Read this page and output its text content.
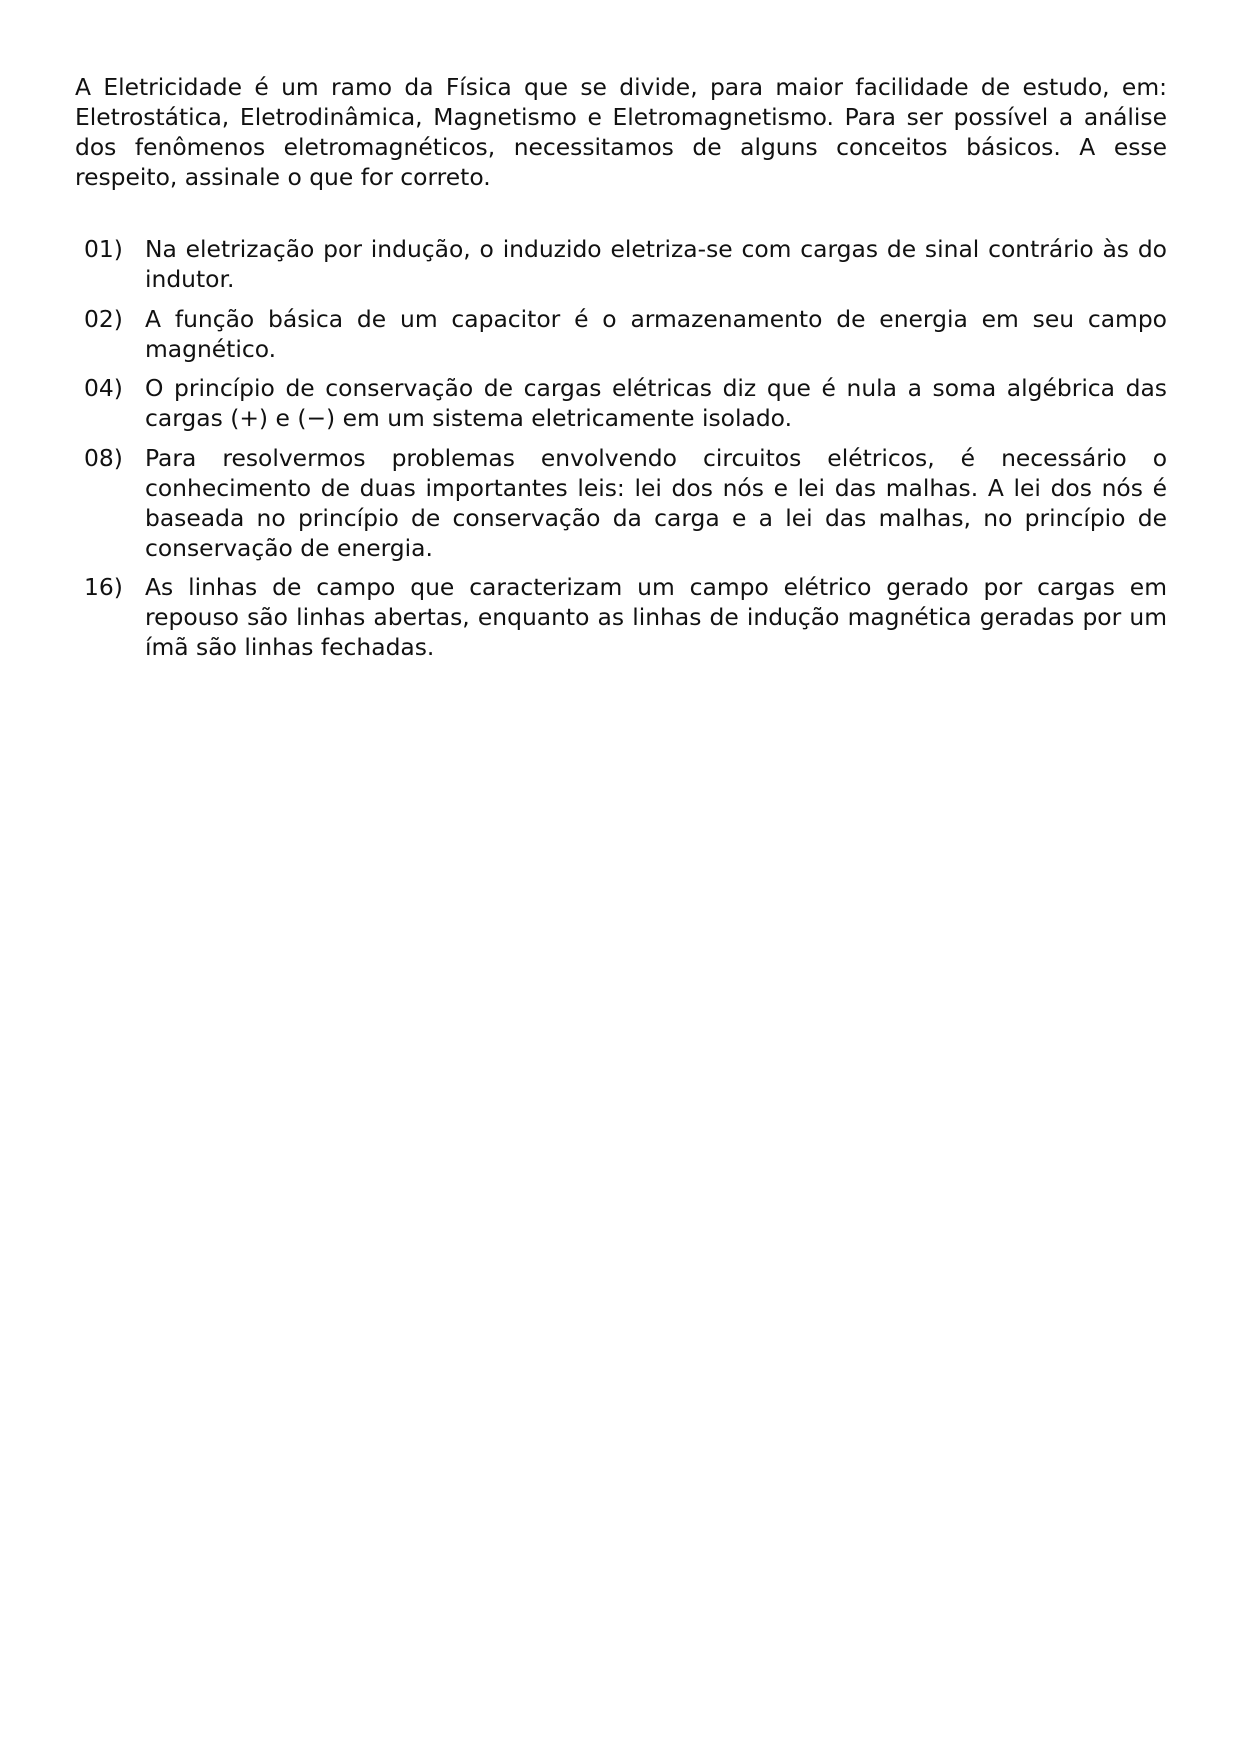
A Eletricidade é um ramo da Física que se divide, para maior facilidade de estudo, em: Eletrostática, Eletrodinâmica, Magnetismo e Eletromagnetismo. Para ser possível a análise dos fenômenos eletromagnéticos, necessitamos de alguns conceitos básicos. A esse respeito, assinale o que for correto.

01) Na eletrização por indução, o induzido eletriza-se com cargas de sinal contrário às do indutor.
02) A função básica de um capacitor é o armazenamento de energia em seu campo magnético.
04) O princípio de conservação de cargas elétricas diz que é nula a soma algébrica das cargas (+) e (−) em um sistema eletricamente isolado.
08) Para resolvermos problemas envolvendo circuitos elétricos, é necessário o conhecimento de duas importantes leis: lei dos nós e lei das malhas. A lei dos nós é baseada no princípio de conservação da carga e a lei das malhas, no princípio de conservação de energia.
16) As linhas de campo que caracterizam um campo elétrico gerado por cargas em repouso são linhas abertas, enquanto as linhas de indução magnética geradas por um ímã são linhas fechadas.
